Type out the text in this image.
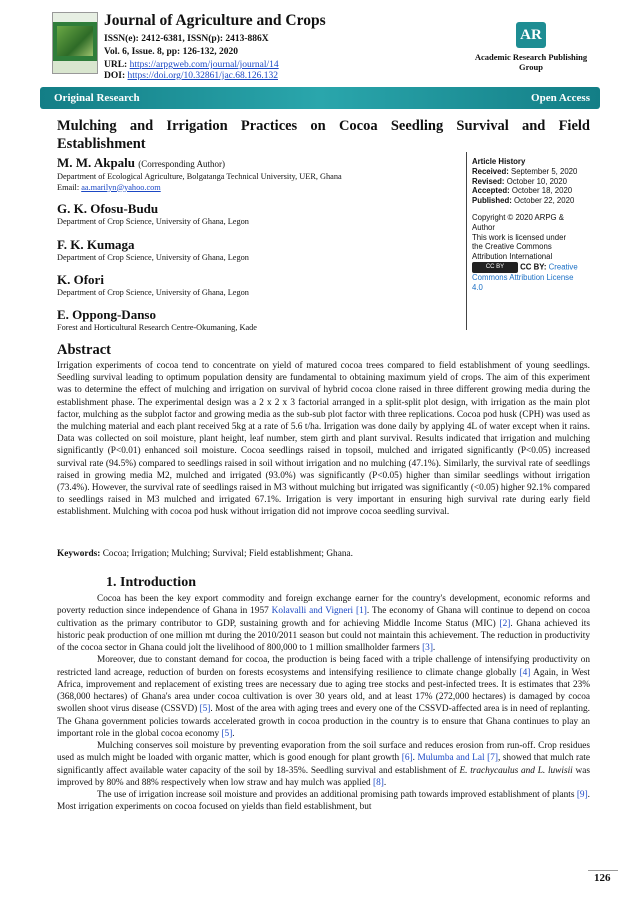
Journal of Agriculture and Crops
ISSN(e): 2412-6381, ISSN(p): 2413-886X
Vol. 6, Issue. 8, pp: 126-132, 2020
URL: https://arpgweb.com/journal/journal/14
DOI: https://doi.org/10.32861/jac.68.126.132
AR
Academic Research Publishing Group
Original Research	Open Access
Mulching and Irrigation Practices on Cocoa Seedling Survival and Field Establishment
M. M. Akpalu (Corresponding Author)
Department of Ecological Agriculture, Bolgatanga Technical University, UER, Ghana
Email: aa.marilyn@yahoo.com
G. K. Ofosu-Budu
Department of Crop Science, University of Ghana, Legon
F. K. Kumaga
Department of Crop Science, University of Ghana, Legon
K. Ofori
Department of Crop Science, University of Ghana, Legon
E. Oppong-Danso
Forest and Horticultural Research Centre-Okumaning, Kade
Article History
Received: September 5, 2020
Revised: October 10, 2020
Accepted: October 18, 2020
Published: October 22, 2020
Copyright © 2020 ARPG &
Author
This work is licensed under
the Creative Commons
Attribution International
CC BY CC BY: Creative
Commons Attribution License
4.0
Abstract
Irrigation experiments of cocoa tend to concentrate on yield of matured cocoa trees compared to field establishment of young seedlings. Seedling survival leading to optimum population density are fundamental to obtaining maximum yield of crops. The aim of this experiment was to determine the effect of mulching and irrigation on survival of hybrid cocoa clone raised in three different growing media during the establishment phase. The experimental design was a 2 x 2 x 3 factorial arranged in a split-split plot design, with irrigation as the main plot factor, mulching as the subplot factor and growing media as the sub-sub plot factor with three replications. Cocoa pod husk (CPH) was used as the mulching material and each plant received 5kg at a rate of 5.6 t/ha. Irrigation was done daily by applying 4L of water except when it rains. Data was collected on soil moisture, plant height, leaf number, stem girth and plant survival. Results indicated that irrigation and mulching significantly (P<0.01) enhanced soil moisture. Cocoa seedlings raised in topsoil, mulched and irrigated significantly (P<0.05) increased survival rate (94.5%) compared to seedlings raised in soil without irrigation and no mulching (47.1%). Similarly, the survival rate of seedlings raised in growing media M2, mulched and irrigated (93.0%) was significantly (P<0.05) higher than similar seedlings without irrigation (73.4%). However, the survival rate of seedlings raised in M3 without mulching but irrigated was significantly (<0.05) higher 92.1% compared to seedlings raised in M3 mulched and irrigated 67.1%. Irrigation is very important in ensuring high survival rate during early field establishment. Mulching with cocoa pod husk without irrigation did not improve cocoa seedling survival.
Keywords: Cocoa; Irrigation; Mulching; Survival; Field establishment; Ghana.
1. Introduction

Cocoa has been the key export commodity and foreign exchange earner for the country's development, economic reforms and poverty reduction since independence of Ghana in 1957 Kolavalli and Vigneri [1]. The economy of Ghana will continue to depend on cocoa cultivation as the primary contributor to GDP, sustaining growth and for achieving Middle Income Status (MIC) [2]. Ghana achieved its historic peak production of one million mt during the 2010/2011 season but could not maintain this achievement. The reduction in productivity of the cocoa sector in Ghana could jolt the livelihood of 800,000 to 1 million smallholder farmers [3].

Moreover, due to constant demand for cocoa, the production is being faced with a triple challenge of intensifying productivity on restricted land acreage, reduction of burden on forests ecosystems and intensifying resilience to climate change globally [4] Again, in West Africa, improvement and replacement of existing trees are necessary due to aging tree stocks and pest-infected trees. It is estimates that 23% (368,000 hectares) of Ghana's area under cocoa cultivation is over 30 years old, and at least 17% (272,000 hectares) is damaged by cocoa swollen shoot virus disease (CSSVD) [5]. Most of the area with aging trees and every one of the CSSVD-affected area is in need of replanting. The Ghana government policies towards accelerated growth in cocoa production in the country is to ensure that Ghana continues to play an important role in the global cocoa economy [5].

Mulching conserves soil moisture by preventing evaporation from the soil surface and reduces erosion from run-off. Crop residues used as mulch might be loaded with organic matter, which is good enough for plant growth [6]. Mulumba and Lal [7], showed that mulch rate significantly affect available water capacity of the soil by 18-35%. Seedling survival and establishment of E. trachycaulus and L. luwisii was improved by 80% and 88% respectively when low straw and hay mulch was applied [8].

The use of irrigation increase soil moisture and provides an additional promising path towards improved establishment of plants [9]. Most irrigation experiments on cocoa focused on yields than field establishment, but

126
